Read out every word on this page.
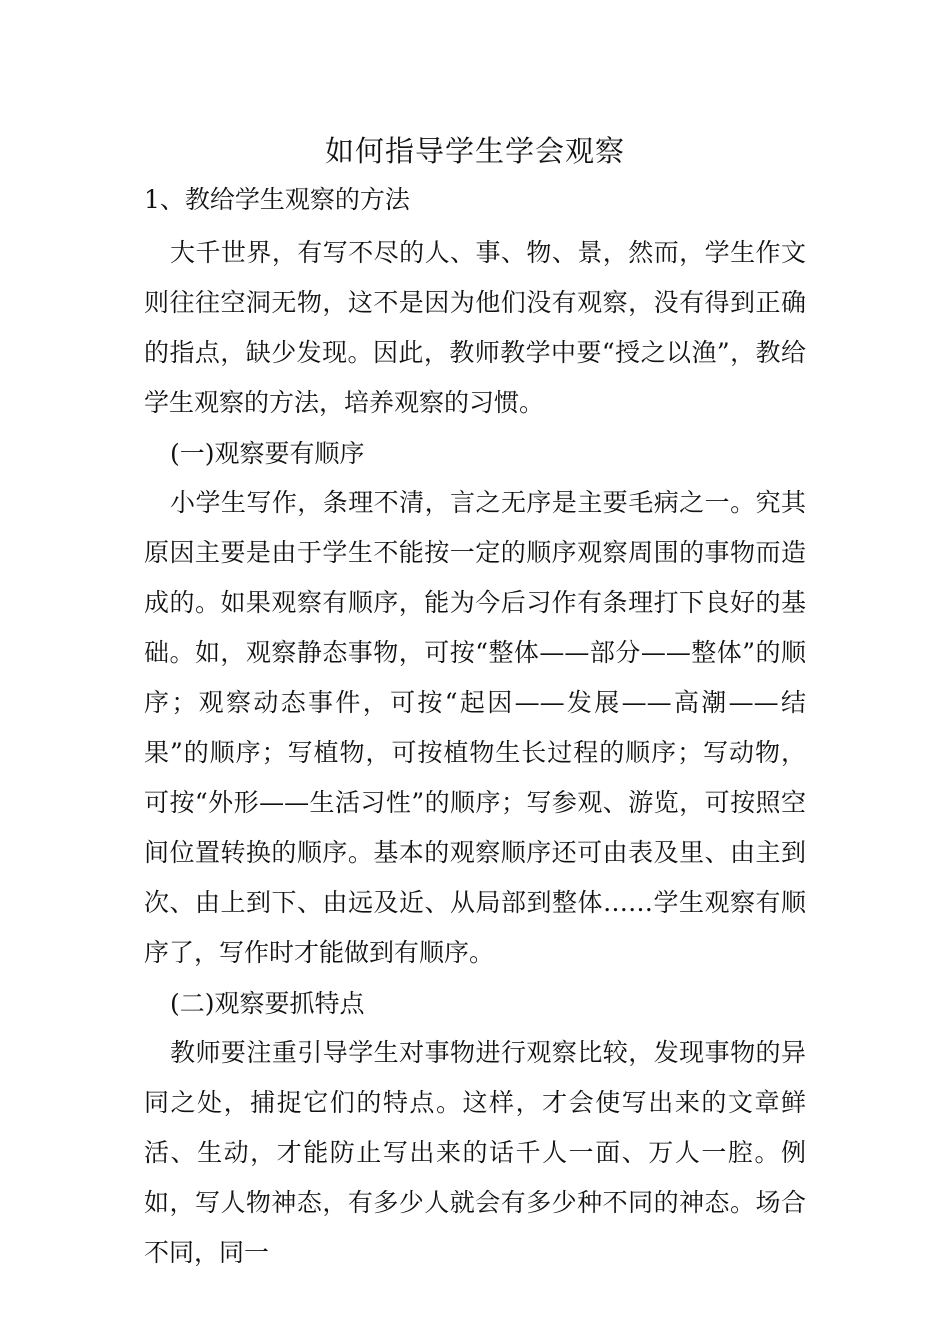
如何指导学生学会观察
1、教给学生观察的方法

大千世界，有写不尽的人、事、物、景，然而，学生作文则往往空洞无物，这不是因为他们没有观察，没有得到正确的指点，缺少发现。因此，教师教学中要“授之以渔”，教给学生观察的方法，培养观察的习惯。

(一)观察要有顺序

小学生写作，条理不清，言之无序是主要毛病之一。究其原因主要是由于学生不能按一定的顺序观察周围的事物而造成的。如果观察有顺序，能为今后习作有条理打下良好的基础。如，观察静态事物，可按“整体——部分——整体”的顺序；观察动态事件，可按“起因——发展——高潮——结果”的顺序；写植物，可按植物生长过程的顺序；写动物，可按“外形——生活习性”的顺序；写参观、游览，可按照空间位置转换的顺序。基本的观察顺序还可由表及里、由主到次、由上到下、由远及近、从局部到整体……学生观察有顺序了，写作时才能做到有顺序。

(二)观察要抓特点

教师要注重引导学生对事物进行观察比较，发现事物的异同之处，捕捉它们的特点。这样，才会使写出来的文章鲜活、生动，才能防止写出来的话千人一面、万人一腔。例如，写人物神态，有多少人就会有多少种不同的神态。场合不同，同一
